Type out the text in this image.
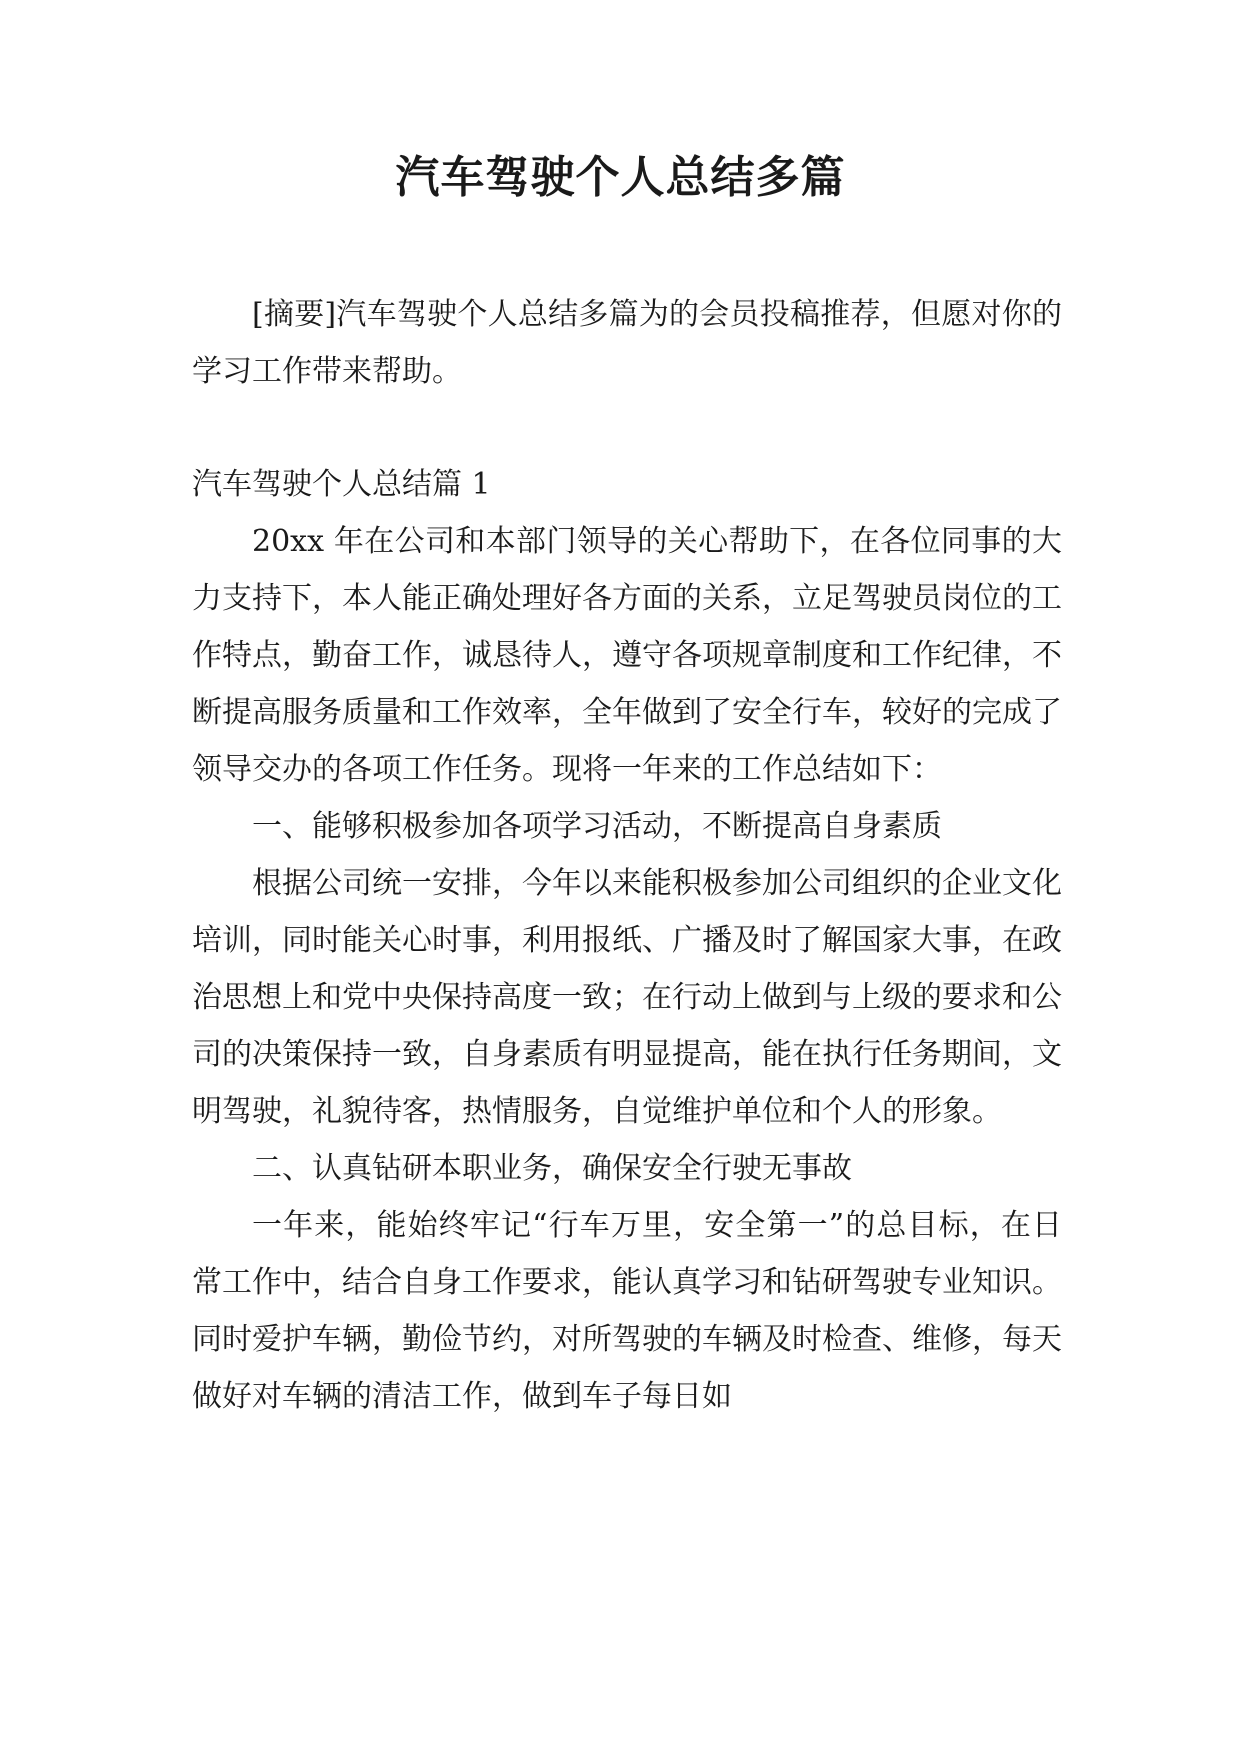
汽车驾驶个人总结多篇

[摘要]汽车驾驶个人总结多篇为的会员投稿推荐，但愿对你的学习工作带来帮助。

汽车驾驶个人总结篇 1

20xx 年在公司和本部门领导的关心帮助下，在各位同事的大力支持下，本人能正确处理好各方面的关系，立足驾驶员岗位的工作特点，勤奋工作，诚恳待人，遵守各项规章制度和工作纪律，不断提高服务质量和工作效率，全年做到了安全行车，较好的完成了领导交办的各项工作任务。现将一年来的工作总结如下：

一、能够积极参加各项学习活动，不断提高自身素质

根据公司统一安排，今年以来能积极参加公司组织的企业文化培训，同时能关心时事，利用报纸、广播及时了解国家大事，在政治思想上和党中央保持高度一致；在行动上做到与上级的要求和公司的决策保持一致，自身素质有明显提高，能在执行任务期间，文明驾驶，礼貌待客，热情服务，自觉维护单位和个人的形象。

二、认真钻研本职业务，确保安全行驶无事故

一年来，能始终牢记“行车万里，安全第一”的总目标，在日常工作中，结合自身工作要求，能认真学习和钻研驾驶专业知识。同时爱护车辆，勤俭节约，对所驾驶的车辆及时检查、维修，每天做好对车辆的清洁工作，做到车子每日如
